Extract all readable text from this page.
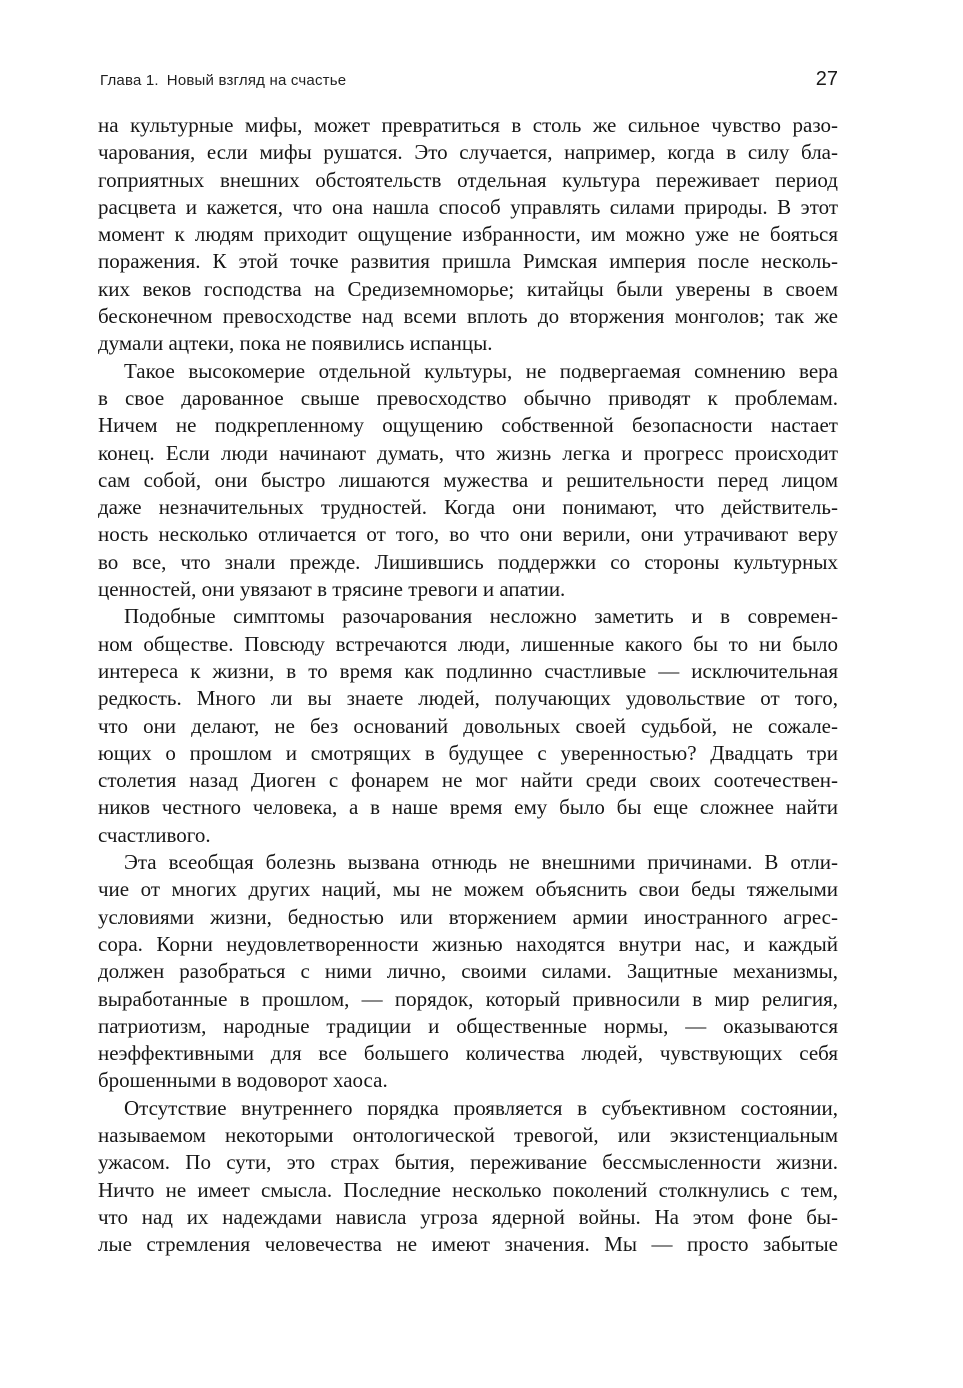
Глава 1. Новый взгляд на счастье	27

на культурные мифы, может превратиться в столь же сильное чувство разо-
чарования, если мифы рушатся. Это случается, например, когда в силу бла-
гоприятных внешних обстоятельств отдельная культура переживает период
расцвета и кажется, что она нашла способ управлять силами природы. В этот
момент к людям приходит ощущение избранности, им можно уже не бояться
поражения. К этой точке развития пришла Римская империя после несколь-
ких веков господства на Средиземноморье; китайцы были уверены в своем
бесконечном превосходстве над всеми вплоть до вторжения монголов; так же
думали ацтеки, пока не появились испанцы.

Такое высокомерие отдельной культуры, не подвергаемая сомнению вера
в свое дарованное свыше превосходство обычно приводят к проблемам.
Ничем не подкрепленному ощущению собственной безопасности настает
конец. Если люди начинают думать, что жизнь легка и прогресс происходит
сам собой, они быстро лишаются мужества и решительности перед лицом
даже незначительных трудностей. Когда они понимают, что действитель-
ность несколько отличается от того, во что они верили, они утрачивают веру
во все, что знали прежде. Лишившись поддержки со стороны культурных
ценностей, они увязают в трясине тревоги и апатии.

Подобные симптомы разочарования несложно заметить и в современ-
ном обществе. Повсюду встречаются люди, лишенные какого бы то ни было
интереса к жизни, в то время как подлинно счастливые — исключительная
редкость. Много ли вы знаете людей, получающих удовольствие от того,
что они делают, не без оснований довольных своей судьбой, не сожале-
ющих о прошлом и смотрящих в будущее с уверенностью? Двадцать три
столетия назад Диоген с фонарем не мог найти среди своих соотечествен-
ников честного человека, а в наше время ему было бы еще сложнее найти
счастливого.

Эта всеобщая болезнь вызвана отнюдь не внешними причинами. В отли-
чие от многих других наций, мы не можем объяснить свои беды тяжелыми
условиями жизни, бедностью или вторжением армии иностранного агрес-
сора. Корни неудовлетворенности жизнью находятся внутри нас, и каждый
должен разобраться с ними лично, своими силами. Защитные механизмы,
выработанные в прошлом, — порядок, который привносили в мир религия,
патриотизм, народные традиции и общественные нормы, — оказываются
неэффективными для все большего количества людей, чувствующих себя
брошенными в водоворот хаоса.

Отсутствие внутреннего порядка проявляется в субъективном состоянии,
называемом некоторыми онтологической тревогой, или экзистенциальным
ужасом. По сути, это страх бытия, переживание бессмысленности жизни.
Ничто не имеет смысла. Последние несколько поколений столкнулись с тем,
что над их надеждами нависла угроза ядерной войны. На этом фоне бы-
лые стремления человечества не имеют значения. Мы — просто забытые
